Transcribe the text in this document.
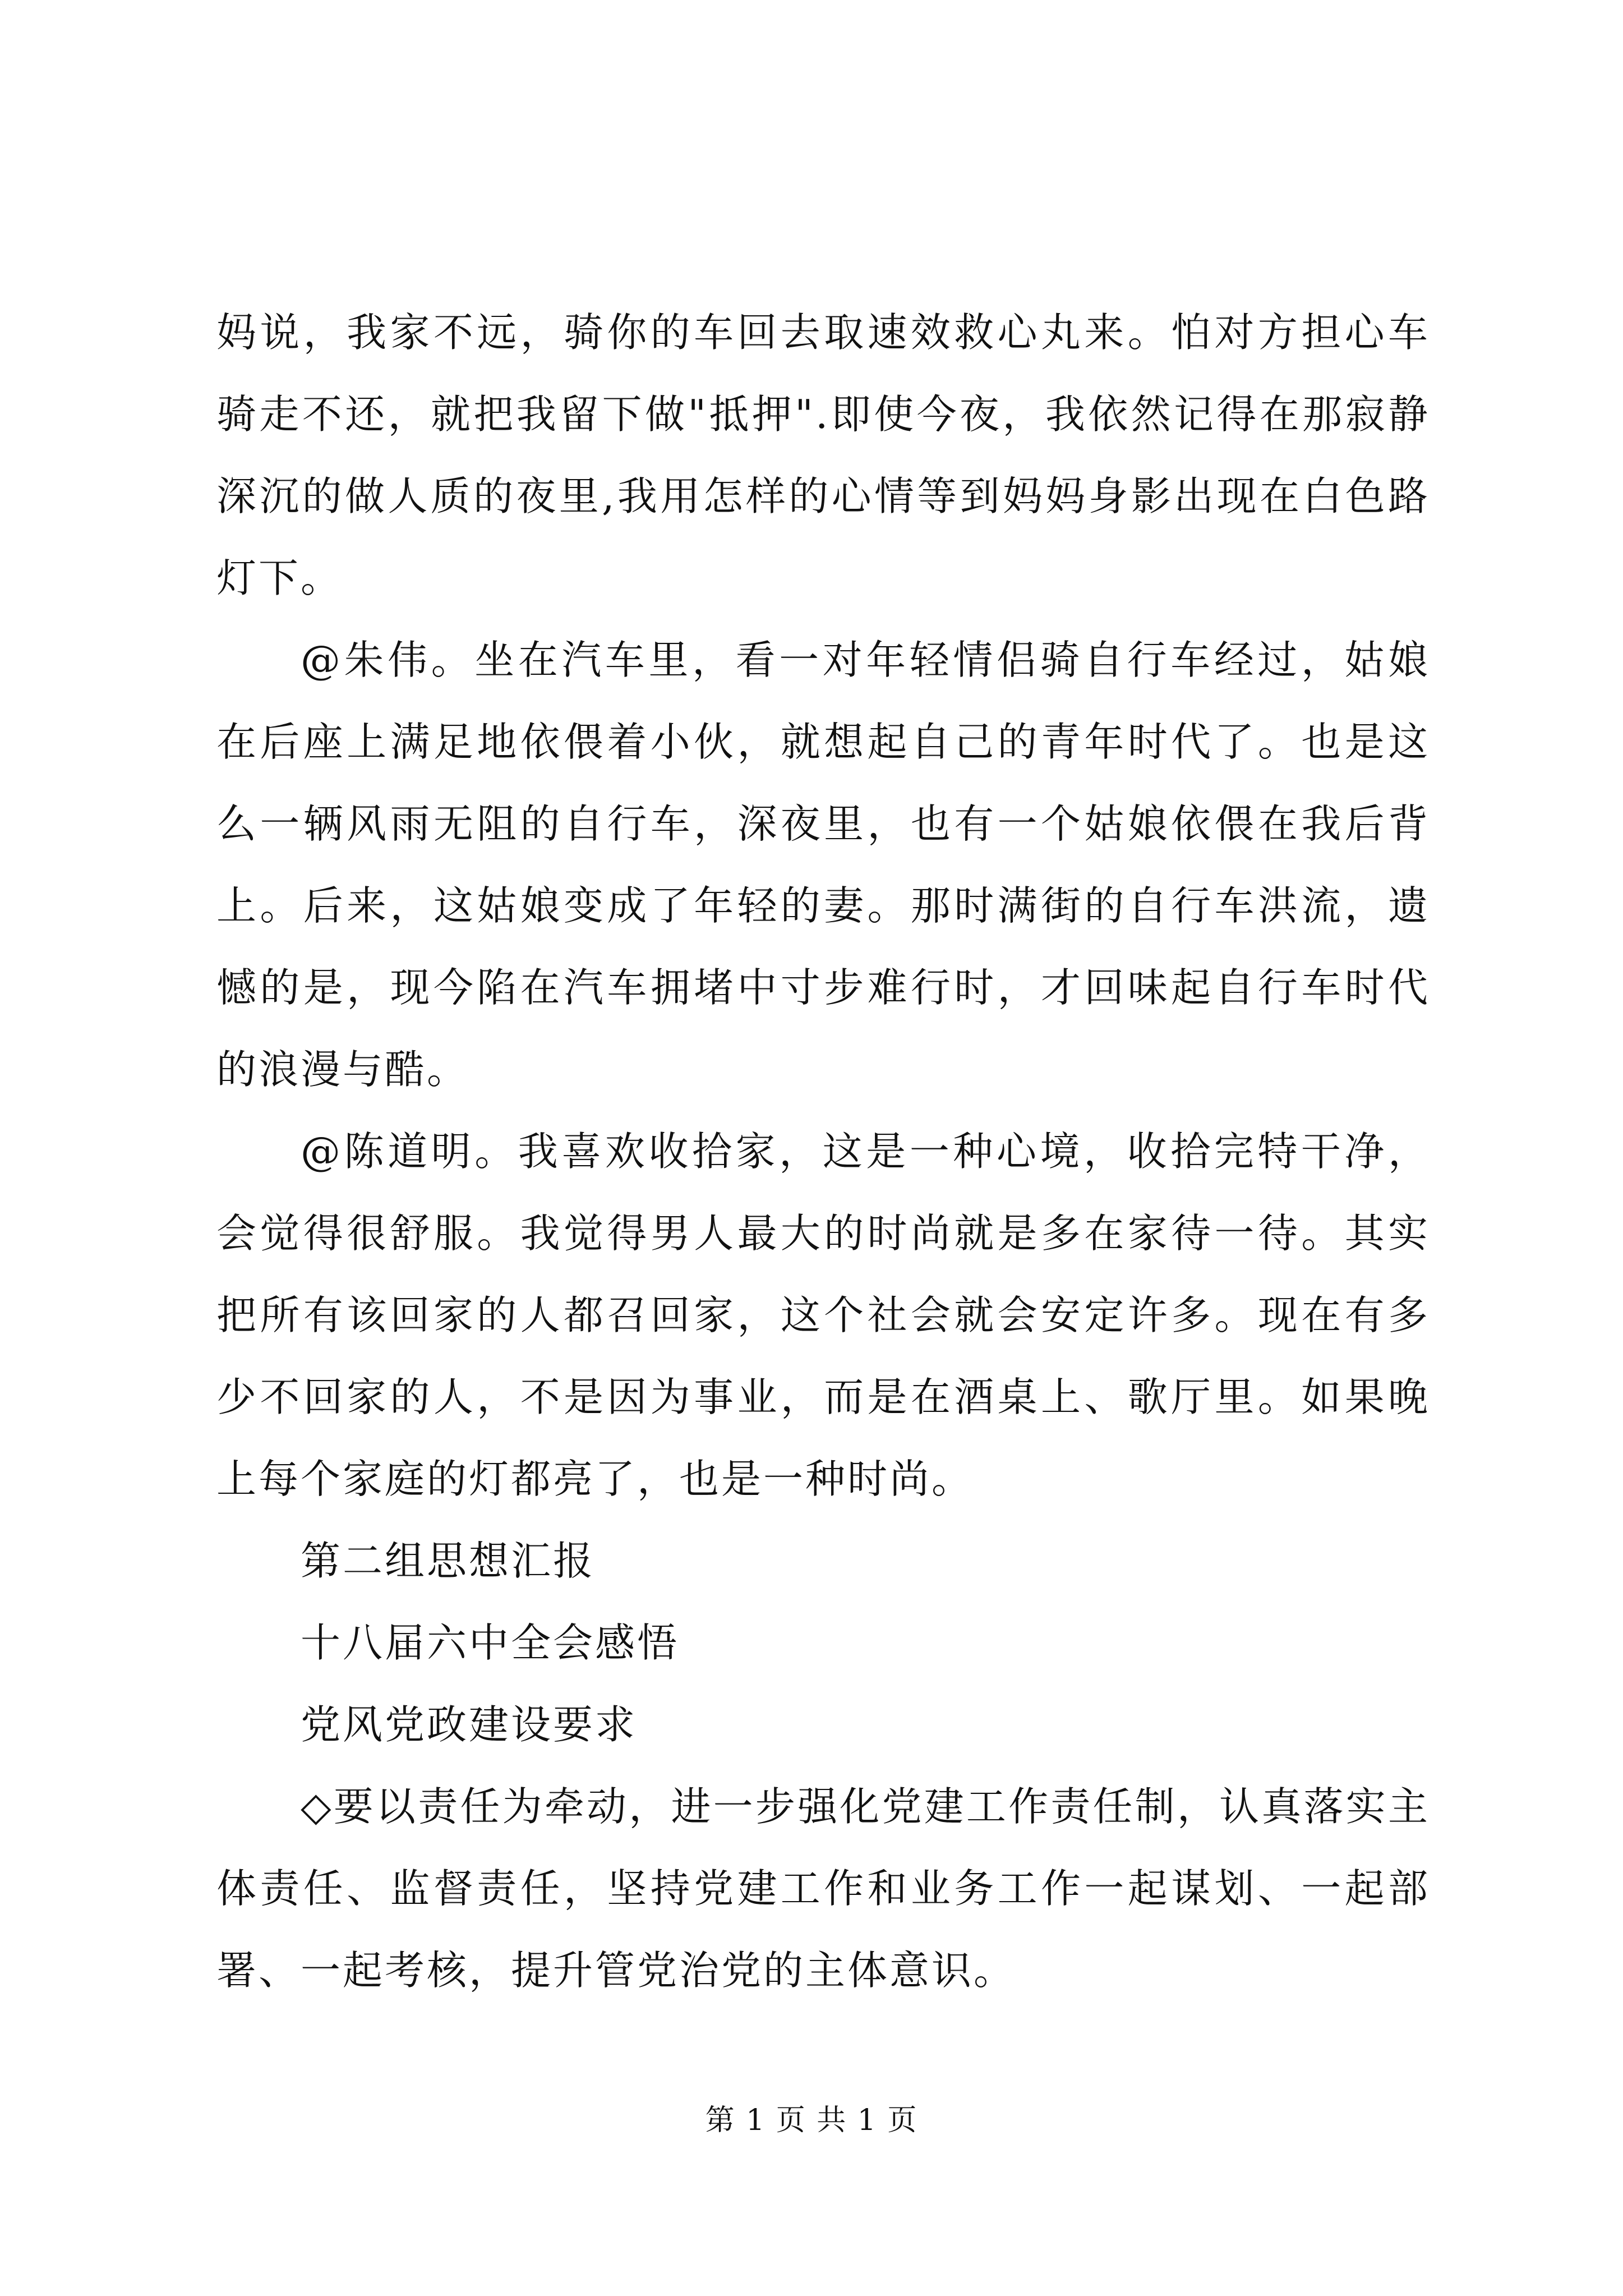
妈说，我家不远，骑你的车回去取速效救心丸来。怕对方担心车骑走不还，就把我留下做"抵押".即使今夜，我依然记得在那寂静深沉的做人质的夜里,我用怎样的心情等到妈妈身影出现在白色路灯下。

@朱伟。坐在汽车里，看一对年轻情侣骑自行车经过，姑娘在后座上满足地依偎着小伙，就想起自己的青年时代了。也是这么一辆风雨无阻的自行车，深夜里，也有一个姑娘依偎在我后背上。后来，这姑娘变成了年轻的妻。那时满街的自行车洪流，遗憾的是，现今陷在汽车拥堵中寸步难行时，才回味起自行车时代的浪漫与酷。

@陈道明。我喜欢收拾家，这是一种心境，收拾完特干净，会觉得很舒服。我觉得男人最大的时尚就是多在家待一待。其实把所有该回家的人都召回家，这个社会就会安定许多。现在有多少不回家的人，不是因为事业，而是在酒桌上、歌厅里。如果晚上每个家庭的灯都亮了，也是一种时尚。

第二组思想汇报

十八届六中全会感悟

党风党政建设要求

◇要以责任为牵动，进一步强化党建工作责任制，认真落实主体责任、监督责任，坚持党建工作和业务工作一起谋划、一起部署、一起考核，提升管党治党的主体意识。

第 1 页 共 1 页
